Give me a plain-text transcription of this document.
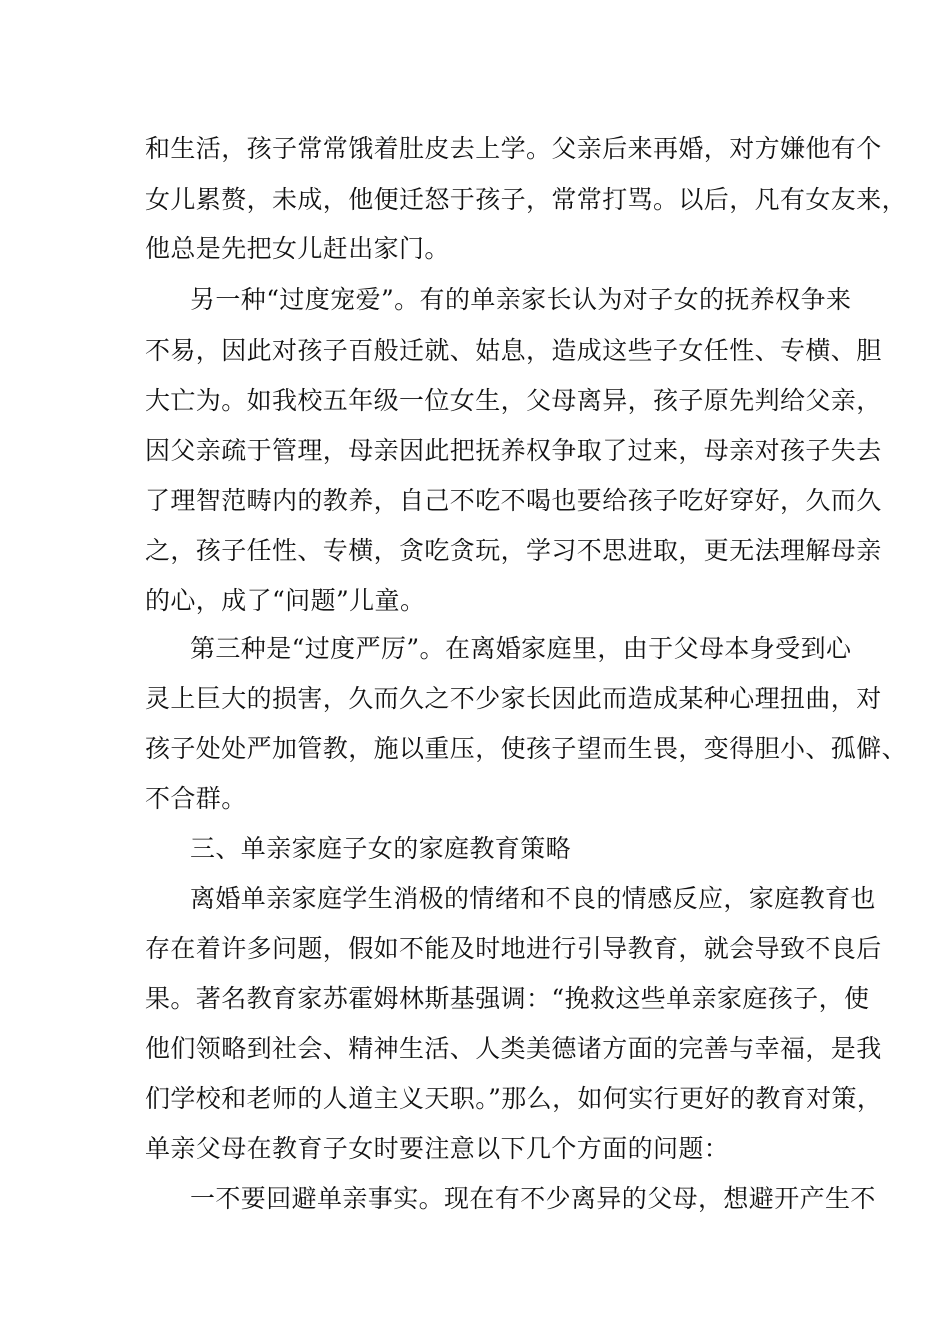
和生活，孩子常常饿着肚皮去上学。父亲后来再婚，对方嫌他有个
女儿累赘，未成，他便迁怒于孩子，常常打骂。以后，凡有女友来，
他总是先把女儿赶出家门。
另一种“过度宠爱”。有的单亲家长认为对子女的抚养权争来
不易，因此对孩子百般迁就、姑息，造成这些子女任性、专横、胆
大亡为。如我校五年级一位女生，父母离异，孩子原先判给父亲，
因父亲疏于管理，母亲因此把抚养权争取了过来，母亲对孩子失去
了理智范畴内的教养，自己不吃不喝也要给孩子吃好穿好，久而久
之，孩子任性、专横，贪吃贪玩，学习不思进取，更无法理解母亲
的心，成了“问题”儿童。
第三种是“过度严厉”。在离婚家庭里，由于父母本身受到心
灵上巨大的损害，久而久之不少家长因此而造成某种心理扭曲，对
孩子处处严加管教，施以重压，使孩子望而生畏，变得胆小、孤僻、
不合群。
三、单亲家庭子女的家庭教育策略
离婚单亲家庭学生消极的情绪和不良的情感反应，家庭教育也
存在着许多问题，假如不能及时地进行引导教育，就会导致不良后
果。著名教育家苏霍姆林斯基强调：“挽救这些单亲家庭孩子，使
他们领略到社会、精神生活、人类美德诸方面的完善与幸福，是我
们学校和老师的人道主义天职。”那么，如何实行更好的教育对策，
单亲父母在教育子女时要注意以下几个方面的问题：
一不要回避单亲事实。现在有不少离异的父母，想避开产生不
